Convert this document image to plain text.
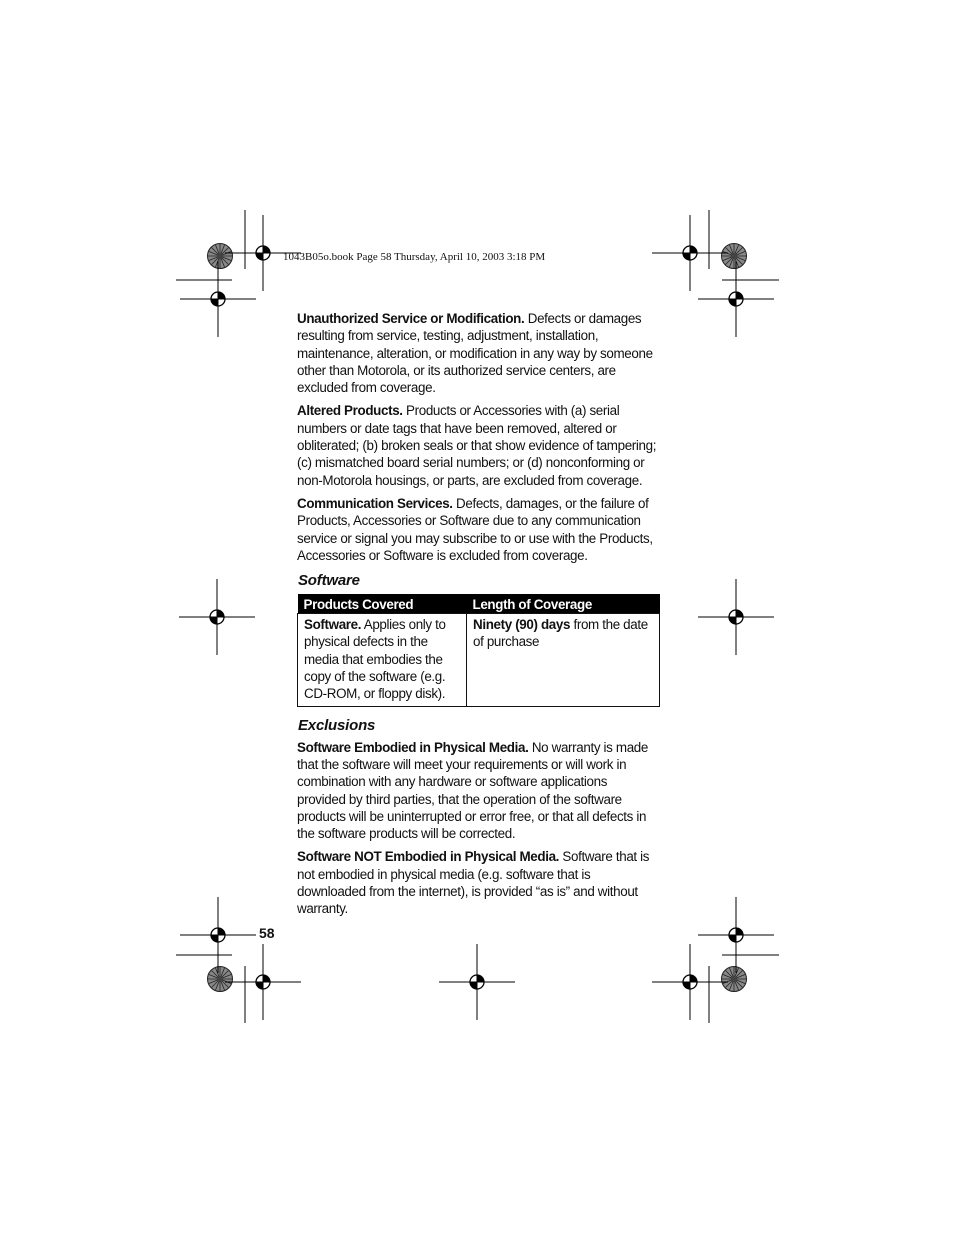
1043B05o.book Page 58 Thursday, April 10, 2003 3:18 PM

Unauthorized Service or Modification. Defects or damages resulting from service, testing, adjustment, installation, maintenance, alteration, or modification in any way by someone other than Motorola, or its authorized service centers, are excluded from coverage.

Altered Products. Products or Accessories with (a) serial numbers or date tags that have been removed, altered or obliterated; (b) broken seals or that show evidence of tampering; (c) mismatched board serial numbers; or (d) nonconforming or non-Motorola housings, or parts, are excluded from coverage.

Communication Services. Defects, damages, or the failure of Products, Accessories or Software due to any communication service or signal you may subscribe to or use with the Products, Accessories or Software is excluded from coverage.

Software
Products Covered	Length of Coverage
Software. Applies only to physical defects in the media that embodies the copy of the software (e.g. CD-ROM, or floppy disk).	Ninety (90) days from the date of purchase
Exclusions

Software Embodied in Physical Media. No warranty is made that the software will meet your requirements or will work in combination with any hardware or software applications provided by third parties, that the operation of the software products will be uninterrupted or error free, or that all defects in the software products will be corrected.

Software NOT Embodied in Physical Media. Software that is not embodied in physical media (e.g. software that is downloaded from the internet), is provided “as is” and without warranty.

58
